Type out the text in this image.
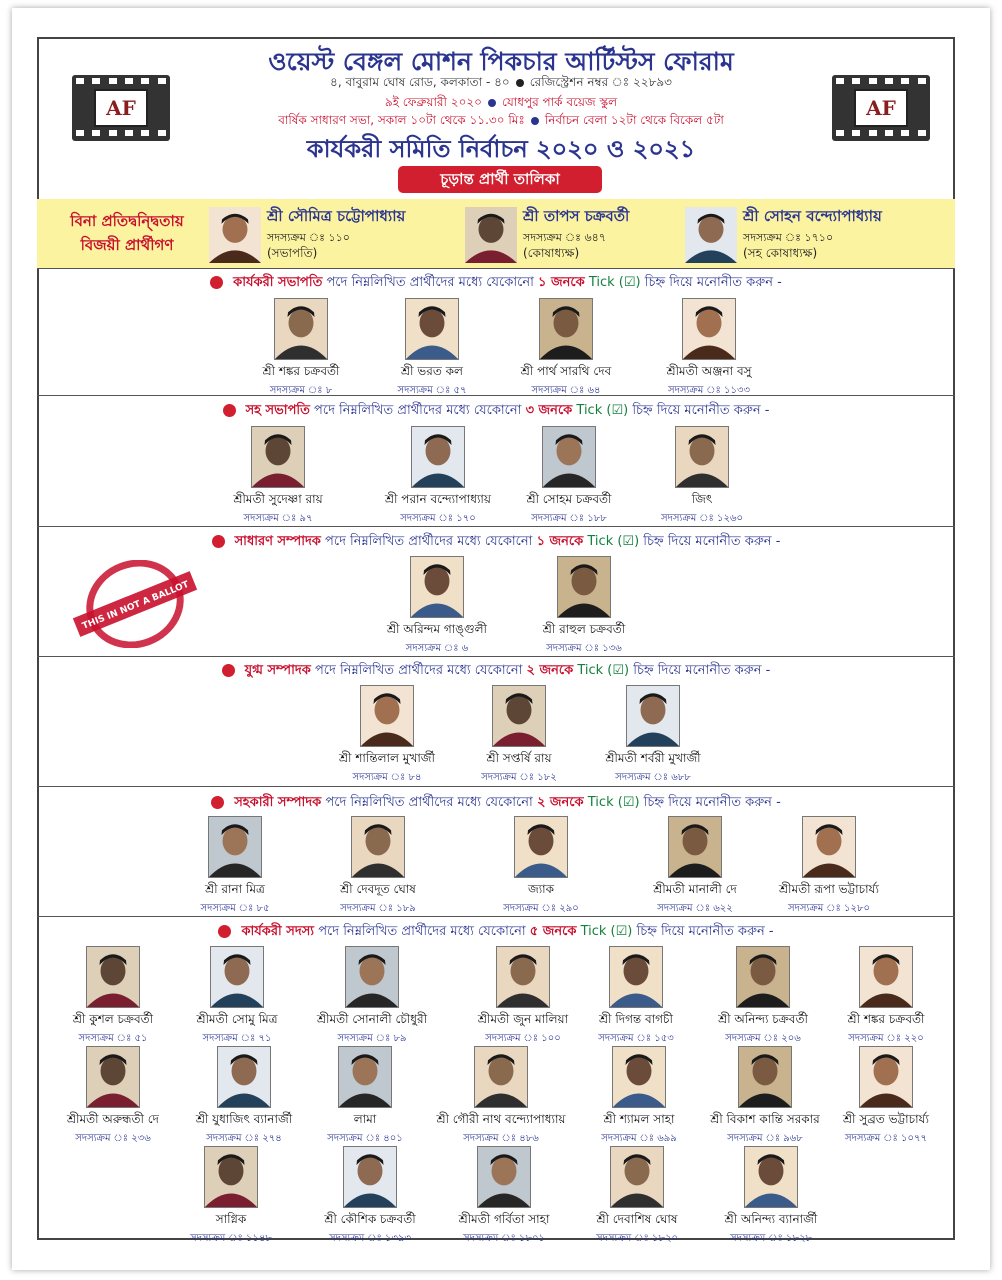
AF	AF
ওয়েস্ট বেঙ্গল মোশন পিকচার আর্টিস্টস ফোরাম
৪, বাবুরাম ঘোষ রোড, কলকাতা - ৪০ রেজিস্ট্রেশন নম্বর ঃ ২২৮৯৩
৯ই ফেব্রুয়ারী ২০২০ যোধপুর পার্ক বয়েজ স্কুল
বার্ষিক সাধারণ সভা, সকাল ১০টা থেকে ১১.৩০ মিঃ নির্বাচন বেলা ১২টা থেকে বিকেল ৫টা
কার্যকরী সমিতি নির্বাচন ২০২০ ও ২০২১
চূড়ান্ত প্রার্থী তালিকা
বিনা প্রতিদ্বন্দ্বিতায়
বিজয়ী প্রার্থীগণ
শ্রী সৌমিত্র চট্টোপাধ্যায়
সদস্যক্রম ঃ ১১০
(সভাপতি)
শ্রী তাপস চক্রবর্তী
সদস্যক্রম ঃ ৬৪৭
(কোষাধ্যক্ষ)
শ্রী সোহন বন্দ্যোপাধ্যায়
সদস্যক্রম ঃ ১৭১০
(সহ কোষাধ্যক্ষ)
কার্যকরী সভাপতি পদে নিম্নলিখিত প্রার্থীদের মধ্যে যেকোনো ১ জনকে Tick (☑) চিহ্ন দিয়ে মনোনীত করুন -
শ্রী শঙ্কর চক্রবর্তী
সদস্যক্রম ঃ ৮
শ্রী ভরত কল
সদস্যক্রম ঃ ৫৭
শ্রী পার্থ সারথি দেব
সদস্যক্রম ঃ ৬৪
শ্রীমতী অঞ্জনা বসু
সদস্যক্রম ঃ ১১৩৩
সহ সভাপতি পদে নিম্নলিখিত প্রার্থীদের মধ্যে যেকোনো ৩ জনকে Tick (☑) চিহ্ন দিয়ে মনোনীত করুন -
শ্রীমতী সুদেষ্ণা রায়
সদস্যক্রম ঃ ৯৭
শ্রী পরান বন্দ্যোপাধ্যায়
সদস্যক্রম ঃ ১৭০
শ্রী সোহম চক্রবর্তী
সদস্যক্রম ঃ ১৮৮
জিৎ
সদস্যক্রম ঃ ১২৬০
সাধারণ সম্পাদক পদে নিম্নলিখিত প্রার্থীদের মধ্যে যেকোনো ১ জনকে Tick (☑) চিহ্ন দিয়ে মনোনীত করুন -
শ্রী অরিন্দম গাঙ্গুলী
সদস্যক্রম ঃ ৬
শ্রী রাহুল চক্রবর্তী
সদস্যক্রম ঃ ১৩৬
যুগ্ম সম্পাদক পদে নিম্নলিখিত প্রার্থীদের মধ্যে যেকোনো ২ জনকে Tick (☑) চিহ্ন দিয়ে মনোনীত করুন -
শ্রী শান্তিলাল মুখার্জী
সদস্যক্রম ঃ ৮৪
শ্রী সপ্তর্ষি রায়
সদস্যক্রম ঃ ১৮২
শ্রীমতী শর্বরী মুখার্জী
সদস্যক্রম ঃ ৬৮৮
সহকারী সম্পাদক পদে নিম্নলিখিত প্রার্থীদের মধ্যে যেকোনো ২ জনকে Tick (☑) চিহ্ন দিয়ে মনোনীত করুন -
শ্রী রানা মিত্র
সদস্যক্রম ঃ ৮৫
শ্রী দেবদূত ঘোষ
সদস্যক্রম ঃ ১৮৯
জ্যাক
সদস্যক্রম ঃ ২৯০
শ্রীমতী মানালী দে
সদস্যক্রম ঃ ৬২২
শ্রীমতী রূপা ভট্টাচার্য্য
সদস্যক্রম ঃ ১২৮০
কার্যকরী সদস্য পদে নিম্নলিখিত প্রার্থীদের মধ্যে যেকোনো ৫ জনকে Tick (☑) চিহ্ন দিয়ে মনোনীত করুন -
শ্রী কুশল চক্রবর্তী
সদস্যক্রম ঃ ৫১
শ্রীমতী সোমু মিত্র
সদস্যক্রম ঃ ৭১
শ্রীমতী সোনালী চৌধুরী
সদস্যক্রম ঃ ৮৯
শ্রীমতী জুন মালিয়া
সদস্যক্রম ঃ ১০০
শ্রী দিগন্ত বাগচী
সদস্যক্রম ঃ ১৫৩
শ্রী অনিন্দ্য চক্রবর্তী
সদস্যক্রম ঃ ২০৬
শ্রী শঙ্কর চক্রবর্তী
সদস্যক্রম ঃ ২২০
শ্রীমতী অরুন্ধতী দে
সদস্যক্রম ঃ ২৩৬
শ্রী যুধাজিৎ ব্যানার্জী
সদস্যক্রম ঃ ২৭৪
লামা
সদস্যক্রম ঃ ৪০১
শ্রী গৌরী নাথ বন্দ্যোপাধ্যায়
সদস্যক্রম ঃ ৪৮৬
শ্রী শ্যামল সাহা
সদস্যক্রম ঃ ৬৯৯
শ্রী বিকাশ কান্তি সরকার
সদস্যক্রম ঃ ৯৬৮
শ্রী সুব্রত ভট্টাচার্য্য
সদস্যক্রম ঃ ১০৭৭
সাগ্নিক
সদস্যক্রম ঃ ১১৪৮
শ্রী কৌশিক চক্রবর্তী
সদস্যক্রম ঃ ১৩৯৩
শ্রীমতী গর্বিতা সাহা
সদস্যক্রম ঃ ১৮০১
শ্রী দেবাশিষ ঘোষ
সদস্যক্রম ঃ ১৮২০
শ্রী অনিন্দ্য ব্যানার্জী
সদস্যক্রম ঃ ১৮২৮
THIS IN NOT A BALLOT
